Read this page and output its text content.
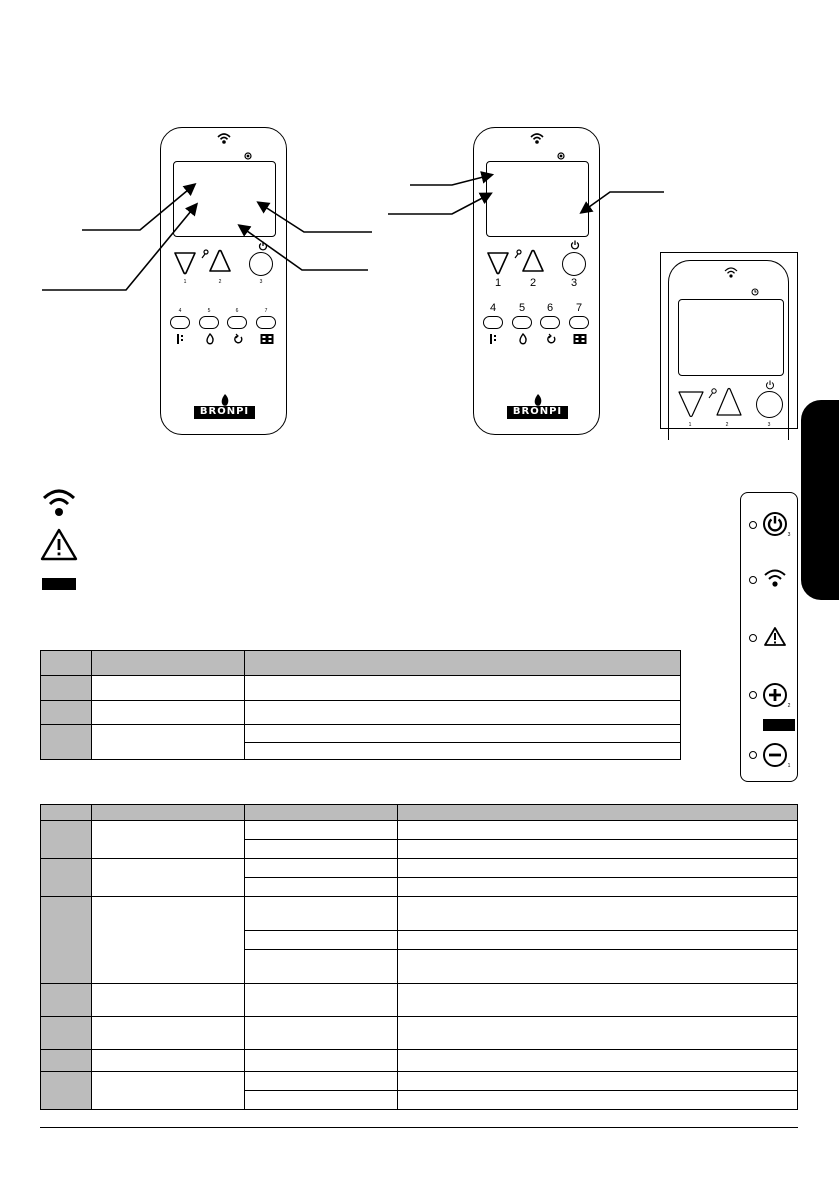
1	2	3
4	5	6	7
BRONPI
1	2	3
4 5 6 7
BRONPI
1	2	3
3
2
1
